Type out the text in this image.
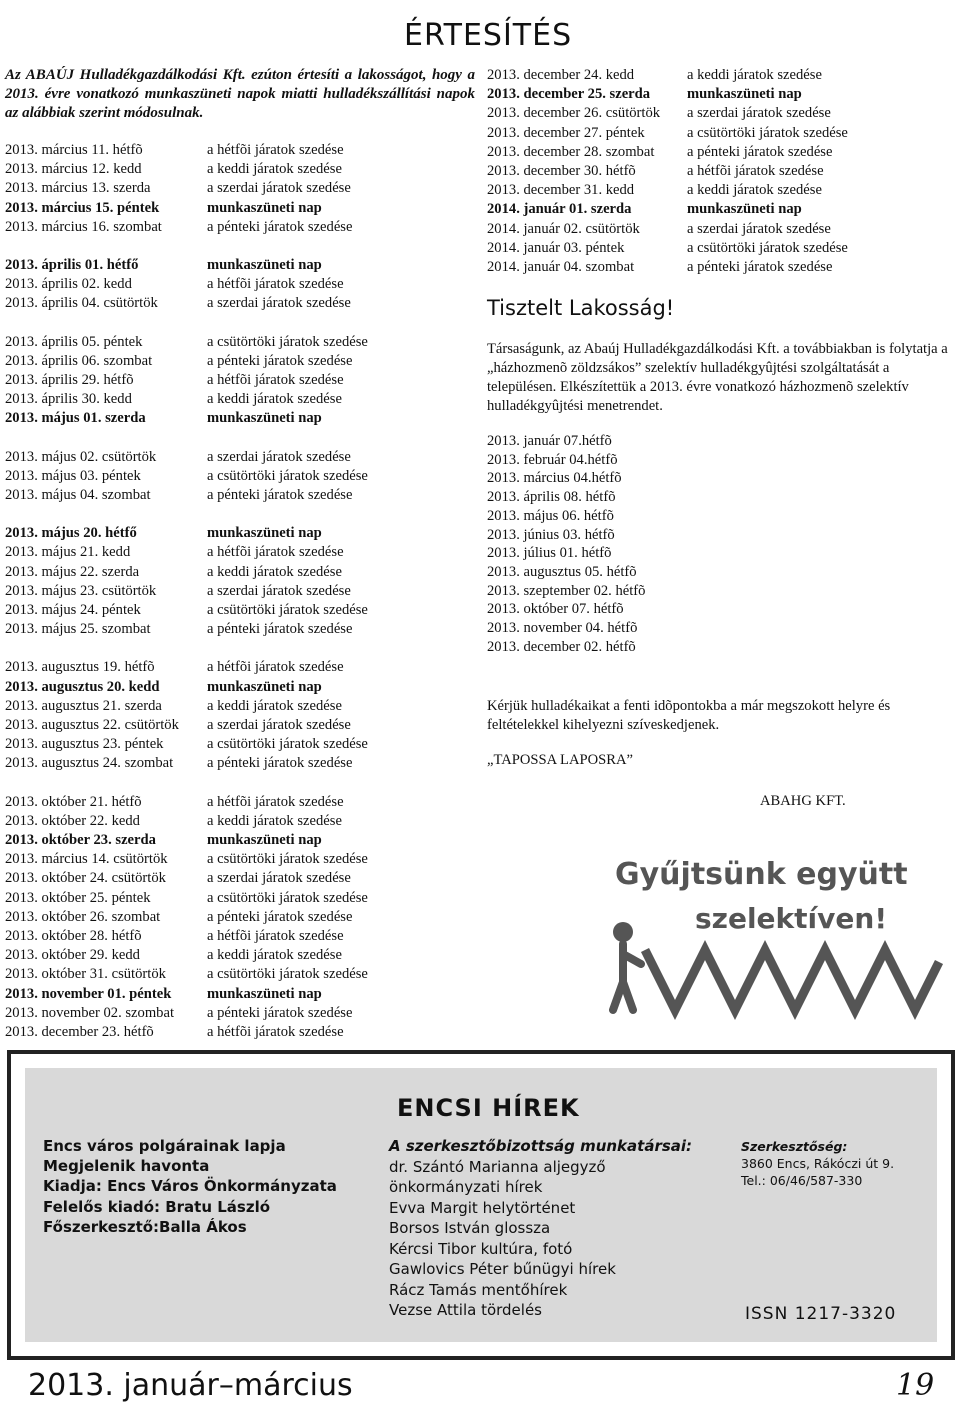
ÉRTESÍTÉS
Az ABAÚJ Hulladékgazdálkodási Kft. ezúton értesíti a lakosságot, hogy a 2013. évre vonatkozó munkaszüneti napok miatti hulladékszállítási napok az alábbiak szerint módosulnak.
2013. március 11. hétfõ	a hétfõi járatok szedése
2013. március 12. kedd	a keddi járatok szedése
2013. március 13. szerda	a szerdai járatok szedése
2013. március 15. péntek	munkaszüneti nap
2013. március 16. szombat	a pénteki járatok szedése
2013. április 01. hétfő	munkaszüneti nap
2013. április 02. kedd	a hétfõi járatok szedése
2013. április 04. csütörtök	a szerdai járatok szedése
2013. április 05. péntek	a csütörtöki járatok szedése
2013. április 06. szombat	a pénteki járatok szedése
2013. április 29. hétfõ	a hétfõi járatok szedése
2013. április 30. kedd	a keddi járatok szedése
2013. május 01. szerda	munkaszüneti nap
2013. május 02. csütörtök	a szerdai járatok szedése
2013. május 03. péntek	a csütörtöki járatok szedése
2013. május 04. szombat	a pénteki járatok szedése
2013. május 20. hétfő	munkaszüneti nap
2013. május 21. kedd	a hétfõi járatok szedése
2013. május 22. szerda	a keddi járatok szedése
2013. május 23. csütörtök	a szerdai járatok szedése
2013. május 24. péntek	a csütörtöki járatok szedése
2013. május 25. szombat	a pénteki járatok szedése
2013. augusztus 19. hétfõ	a hétfõi járatok szedése
2013. augusztus 20. kedd	munkaszüneti nap
2013. augusztus 21. szerda	a keddi járatok szedése
2013. augusztus 22. csütörtök a szerdai járatok szedése
2013. augusztus 23. péntek	a csütörtöki járatok szedése
2013. augusztus 24. szombat a pénteki járatok szedése
2013. október 21. hétfõ	a hétfõi járatok szedése
2013. október 22. kedd	a keddi járatok szedése
2013. október 23. szerda	munkaszüneti nap
2013. március 14. csütörtök	a csütörtöki járatok szedése
2013. október 24. csütörtök	a szerdai járatok szedése
2013. október 25. péntek	a csütörtöki járatok szedése
2013. október 26. szombat	a pénteki járatok szedése
2013. október 28. hétfõ	a hétfõi járatok szedése
2013. október 29. kedd	a keddi járatok szedése
2013. október 31. csütörtök	a csütörtöki járatok szedése
2013. november 01. péntek munkaszüneti nap
2013. november 02. szombat a pénteki járatok szedése
2013. december 23. hétfõ	a hétfõi járatok szedése
2013. december 24. kedd	a keddi járatok szedése
2013. december 25. szerda	munkaszüneti nap
2013. december 26. csütörtök a szerdai járatok szedése
2013. december 27. péntek	a csütörtöki járatok szedése
2013. december 28. szombat a pénteki járatok szedése
2013. december 30. hétfõ	a hétfõi járatok szedése
2013. december 31. kedd	a keddi járatok szedése
2014. január 01. szerda	munkaszüneti nap
2014. január 02. csütörtök	a szerdai járatok szedése
2014. január 03. péntek	a csütörtöki járatok szedése
2014. január 04. szombat	a pénteki járatok szedése
Tisztelt Lakosság!
Társaságunk, az Abaúj Hulladékgazdálkodási Kft. a továbbiakban is folytatja a „házhozmenõ zöldzsákos” szelektív hulladékgyûjtési szolgáltatását a településen. Elkészítettük a 2013. évre vonatkozó házhozmenõ szelektív hulladékgyûjtési menetrendet.
2013. január 07.hétfõ
2013. február 04.hétfõ
2013. március 04.hétfõ
2013. április 08. hétfõ
2013. május 06. hétfõ
2013. június 03. hétfõ
2013. július 01. hétfõ
2013. augusztus 05. hétfõ
2013. szeptember 02. hétfõ
2013. október 07. hétfõ
2013. november 04. hétfõ
2013. december 02. hétfõ
Kérjük hulladékaikat a fenti idõpontokba a már megszokott helyre és feltételekkel kihelyezni szíveskedjenek.
„TAPOSSA LAPOSRA”
ABAHG KFT.
Gyűjtsünk együtt
szelektíven!
ENCSI HÍREK
Encs város polgárainak lapja
Megjelenik havonta
Kiadja: Encs Város Önkormányzata
Felelős kiadó: Bratu László
Főszerkesztő:Balla Ákos
A szerkesztőbizottság munkatársai:
dr. Szántó Marianna aljegyző
önkormányzati hírek
Evva Margit helytörténet
Borsos István glossza
Kércsi Tibor kultúra, fotó
Gawlovics Péter bűnügyi hírek
Rácz Tamás mentőhírek
Vezse Attila tördelés
Szerkesztőség:
3860 Encs, Rákóczi út 9.
Tel.: 06/46/587-330
ISSN 1217-3320
2013. január–március	19
